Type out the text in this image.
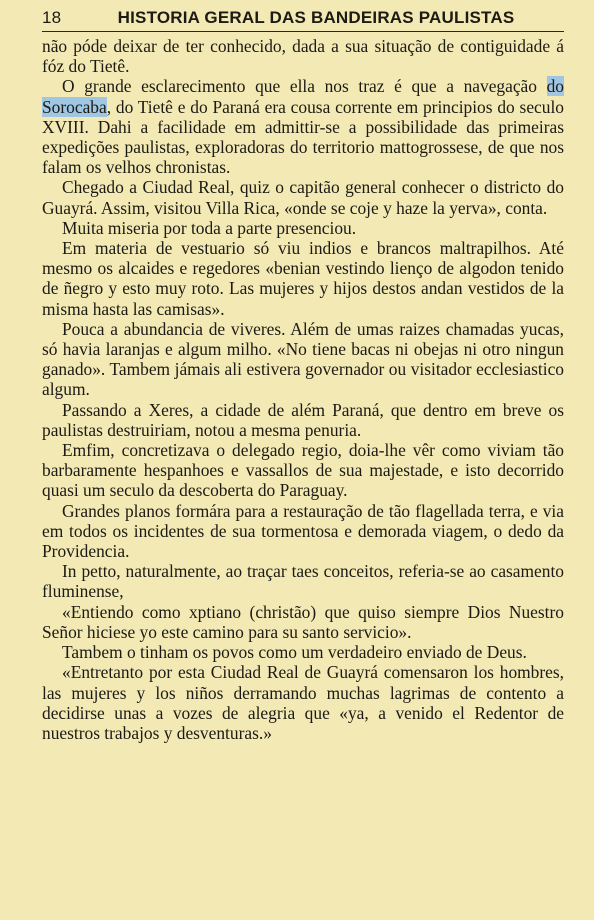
18	HISTORIA GERAL DAS BANDEIRAS PAULISTAS

não póde deixar de ter conhecido, dada a sua situação de contiguidade á fóz do Tietê.

O grande esclarecimento que ella nos traz é que a navegação do Sorocaba, do Tietê e do Paraná era cousa corrente em principios do seculo XVIII. Dahi a facilidade em admittir-se a possibilidade das primeiras expedições paulistas, exploradoras do territorio mattogrossese, de que nos falam os velhos chronistas.

Chegado a Ciudad Real, quiz o capitão general conhecer o districto do Guayrá. Assim, visitou Villa Rica, «onde se coje y haze la yerva», conta.

Muita miseria por toda a parte presenciou.

Em materia de vestuario só viu indios e brancos maltrapilhos. Até mesmo os alcaides e regedores «benian vestindo lienço de algodon tenido de ñegro y esto muy roto. Las mujeres y hijos destos andan vestidos de la misma hasta las camisas».

Pouca a abundancia de viveres. Além de umas raizes chamadas yucas, só havia laranjas e algum milho. «No tiene bacas ni obejas ni otro ningun ganado». Tambem jámais ali estivera governador ou visitador ecclesiastico algum.

Passando a Xeres, a cidade de além Paraná, que dentro em breve os paulistas destruiriam, notou a mesma penuria.

Emfim, concretizava o delegado regio, doia-lhe vêr como viviam tão barbaramente hespanhoes e vassallos de sua majestade, e isto decorrido quasi um seculo da descoberta do Paraguay.

Grandes planos formára para a restauração de tão flagellada terra, e via em todos os incidentes de sua tormentosa e demorada viagem, o dedo da Providencia.

In petto, naturalmente, ao traçar taes conceitos, referia-se ao casamento fluminense,

«Entiendo como xptiano (christão) que quiso siempre Dios Nuestro Señor hiciese yo este camino para su santo servicio».

Tambem o tinham os povos como um verdadeiro enviado de Deus.

«Entretanto por esta Ciudad Real de Guayrá comensaron los hombres, las mujeres y los niños derramando muchas lagrimas de contento a decidirse unas a vozes de alegria que «ya, a venido el Redentor de nuestros trabajos y desventuras.»
